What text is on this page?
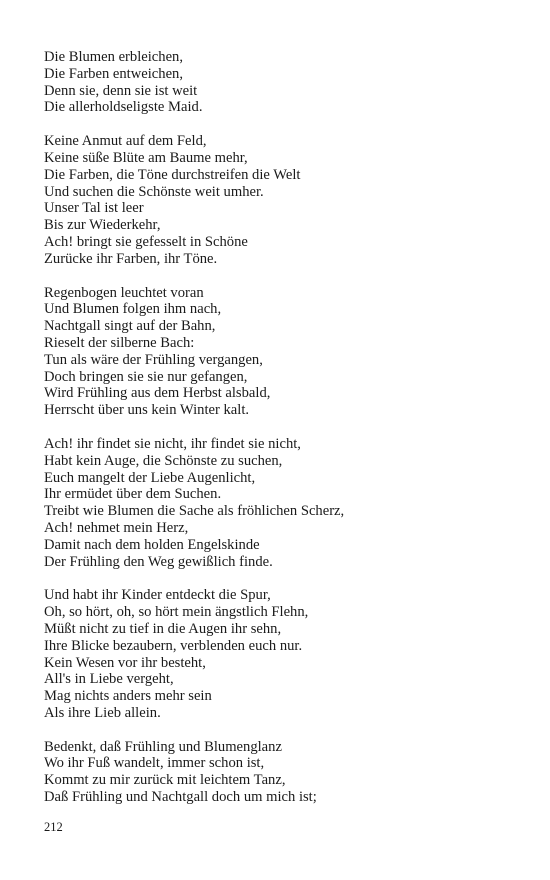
Die Blumen erbleichen,
Die Farben entweichen,
Denn sie, denn sie ist weit
Die allerholdseligste Maid.
Keine Anmut auf dem Feld,
Keine süße Blüte am Baume mehr,
Die Farben, die Töne durchstreifen die Welt
Und suchen die Schönste weit umher.
Unser Tal ist leer
Bis zur Wiederkehr,
Ach! bringt sie gefesselt in Schöne
Zurücke ihr Farben, ihr Töne.
Regenbogen leuchtet voran
Und Blumen folgen ihm nach,
Nachtgall singt auf der Bahn,
Rieselt der silberne Bach:
Tun als wäre der Frühling vergangen,
Doch bringen sie sie nur gefangen,
Wird Frühling aus dem Herbst alsbald,
Herrscht über uns kein Winter kalt.
Ach! ihr findet sie nicht, ihr findet sie nicht,
Habt kein Auge, die Schönste zu suchen,
Euch mangelt der Liebe Augenlicht,
Ihr ermüdet über dem Suchen.
Treibt wie Blumen die Sache als fröhlichen Scherz,
Ach! nehmet mein Herz,
Damit nach dem holden Engelskinde
Der Frühling den Weg gewißlich finde.
Und habt ihr Kinder entdeckt die Spur,
Oh, so hört, oh, so hört mein ängstlich Flehn,
Müßt nicht zu tief in die Augen ihr sehn,
Ihre Blicke bezaubern, verblenden euch nur.
Kein Wesen vor ihr besteht,
All's in Liebe vergeht,
Mag nichts anders mehr sein
Als ihre Lieb allein.
Bedenkt, daß Frühling und Blumenglanz
Wo ihr Fuß wandelt, immer schon ist,
Kommt zu mir zurück mit leichtem Tanz,
Daß Frühling und Nachtgall doch um mich ist;
212
